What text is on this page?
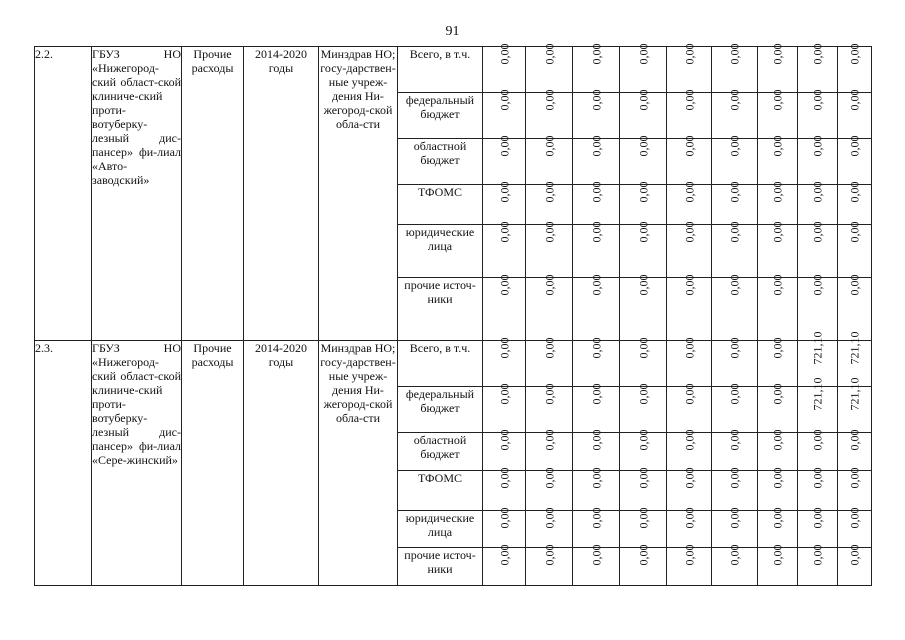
91
2.2.	ГБУЗ НО «Нижегород-ский област-ской клиниче-ский проти-вотуберку-лезный дис-пансер» фи-лиал «Авто-заводский»	Прочие расходы	2014-2020 годы	Минздрав НО; госу-дарствен-ные учреж-дения Ни-жегород-ской обла-сти	Всего, в т.ч.	0,00	0,00	0,00	0,00	0,00	0,00	0,00	0,00	0,00

					федеральный бюджет	0,00	0,00	0,00	0,00	0,00	0,00	0,00	0,00	0,00

					областной бюджет	0,00	0,00	0,00	0,00	0,00	0,00	0,00	0,00	0,00

					ТФОМС	0,00	0,00	0,00	0,00	0,00	0,00	0,00	0,00	0,00

					юридические лица	0,00	0,00	0,00	0,00	0,00	0,00	0,00	0,00	0,00

					прочие источ-ники	0,00	0,00	0,00	0,00	0,00	0,00	0,00	0,00	0,00
2.3.	ГБУЗ НО «Нижегород-ский област-ской клиниче-ский проти-вотуберку-лезный дис-пансер» фи-лиал «Сере-жинский»	Прочие расходы	2014-2020 годы	Минздрав НО; госу-дарствен-ные учреж-дения Ни-жегород-ской обла-сти	Всего, в т.ч.	0,00	0,00	0,00	0,00	0,00	0,00	0,00	721,10	721,10

					федеральный бюджет	0,00	0,00	0,00	0,00	0,00	0,00	0,00	721,10	721,10

					областной бюджет	0,00	0,00	0,00	0,00	0,00	0,00	0,00	0,00	0,00

					ТФОМС	0,00	0,00	0,00	0,00	0,00	0,00	0,00	0,00	0,00

					юридические лица	0,00	0,00	0,00	0,00	0,00	0,00	0,00	0,00	0,00

					прочие источ-ники	0,00	0,00	0,00	0,00	0,00	0,00	0,00	0,00	0,00
